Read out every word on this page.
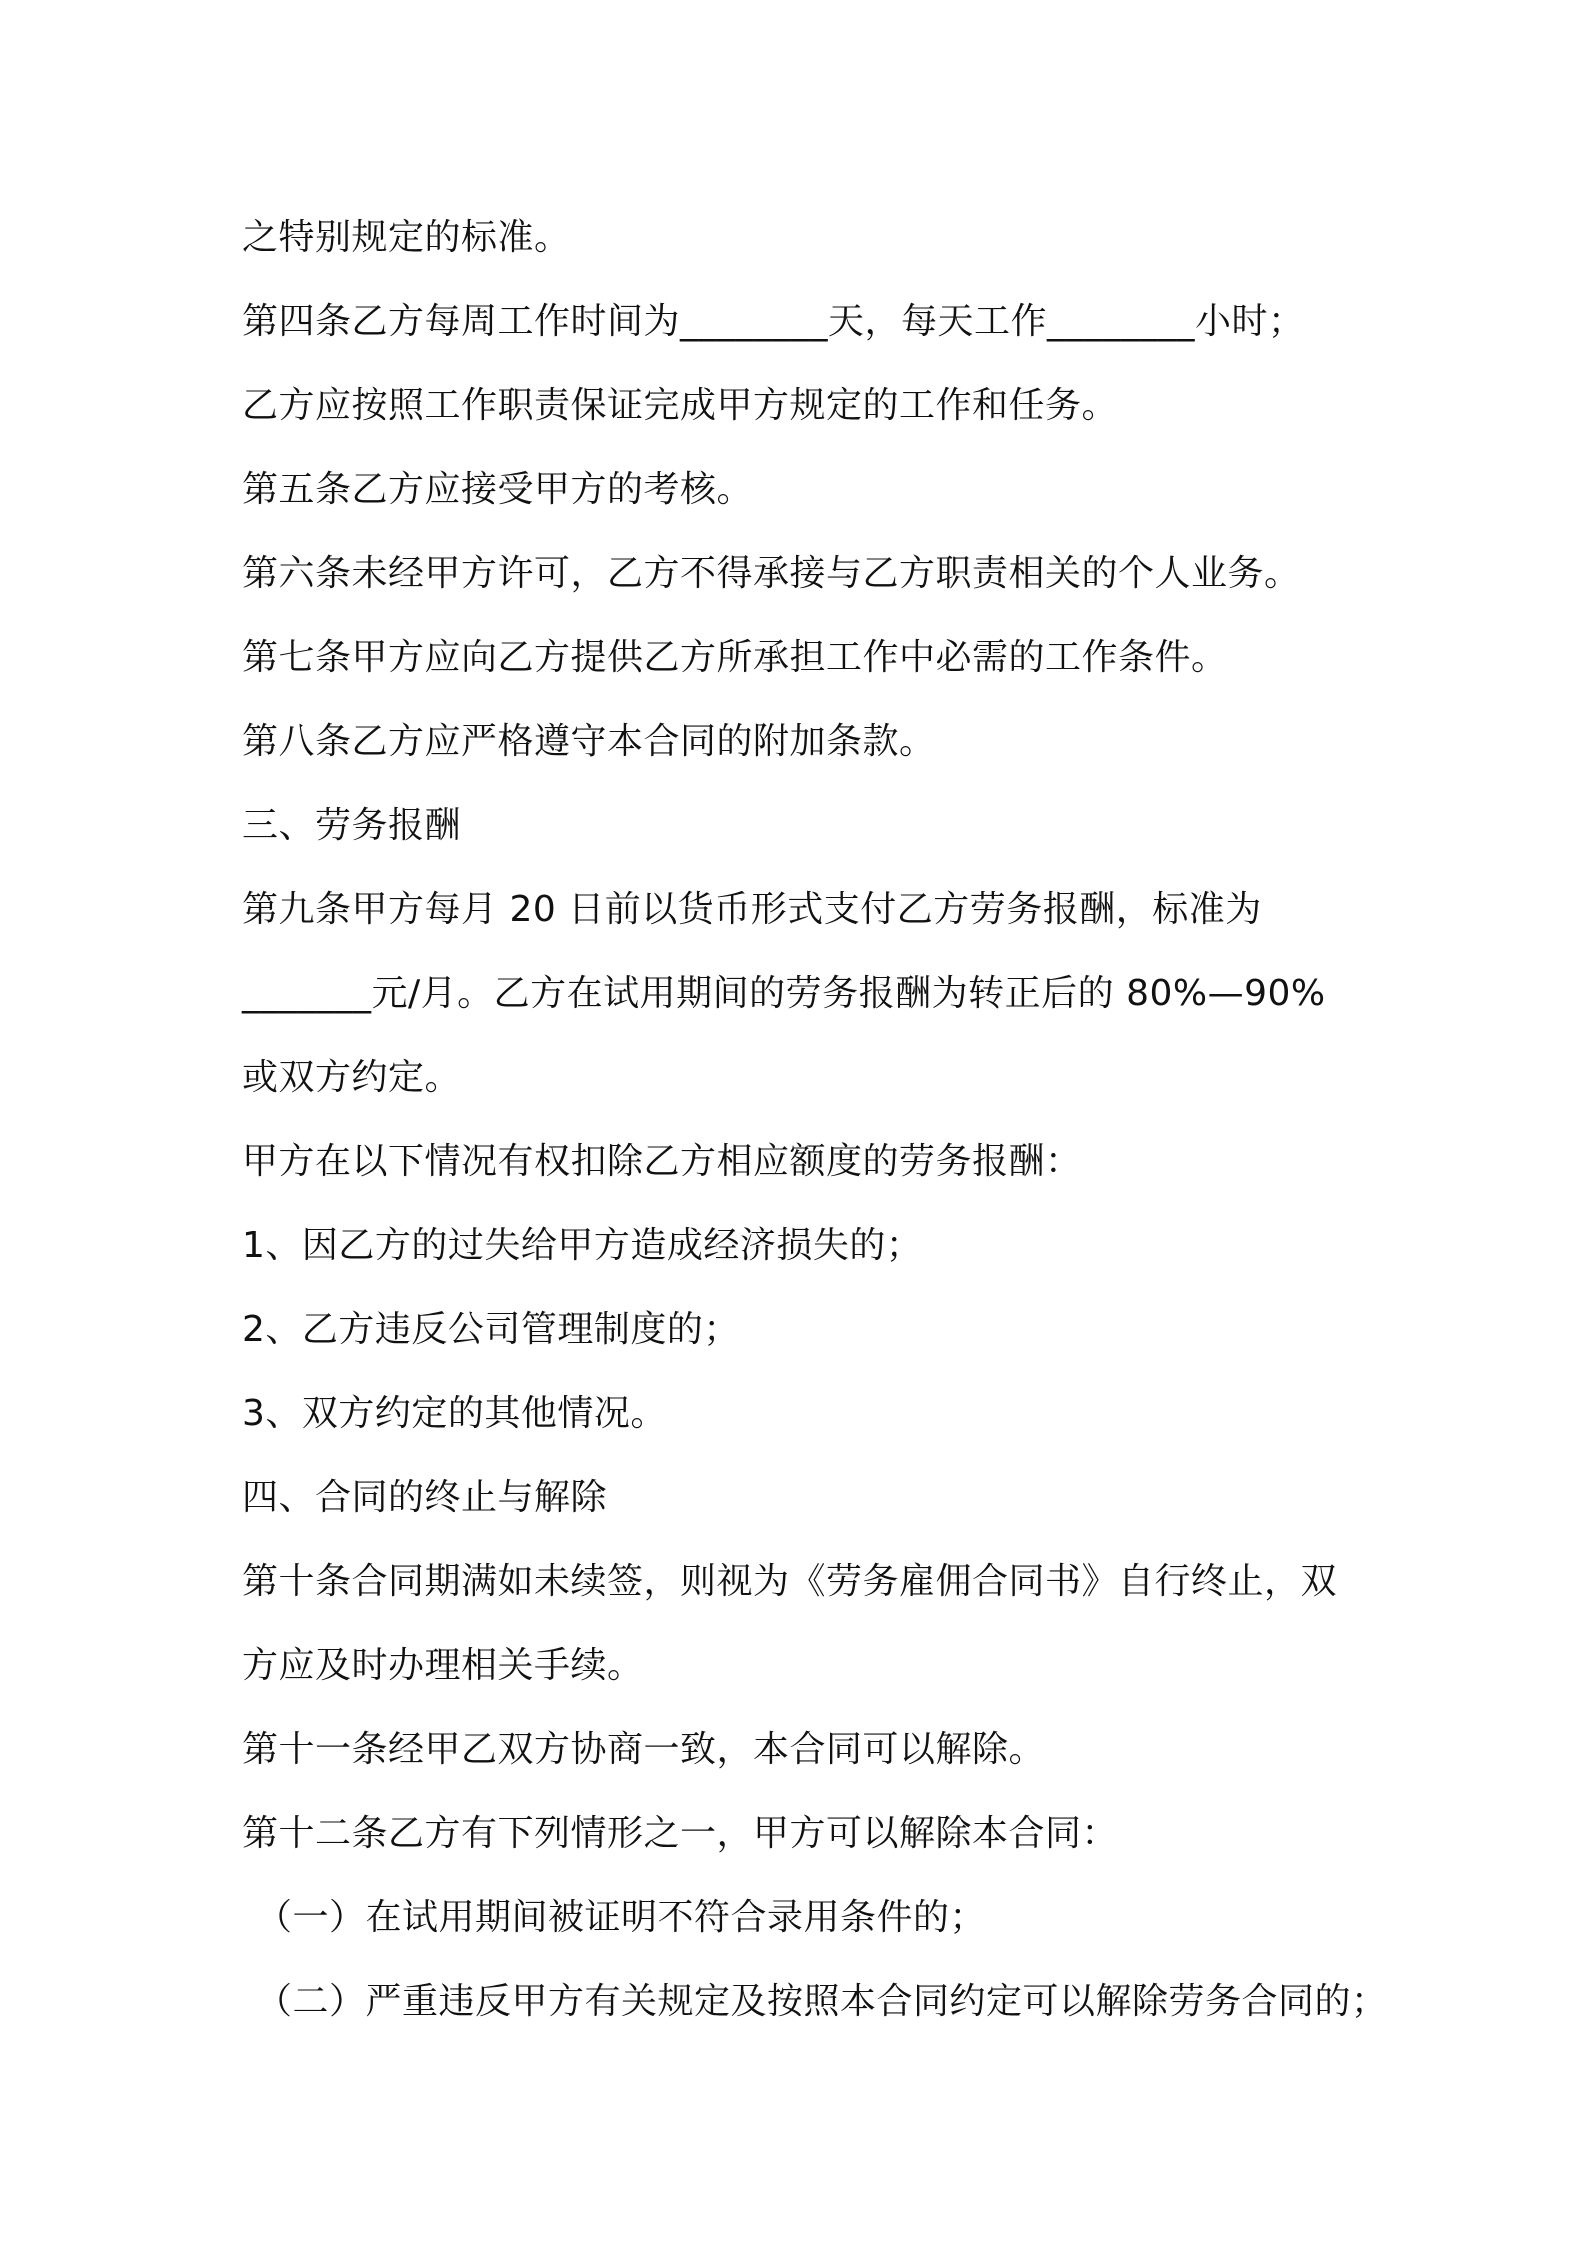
之特别规定的标准。
第四条乙方每周工作时间为________天，每天工作________小时；
乙方应按照工作职责保证完成甲方规定的工作和任务。
第五条乙方应接受甲方的考核。
第六条未经甲方许可，乙方不得承接与乙方职责相关的个人业务。
第七条甲方应向乙方提供乙方所承担工作中必需的工作条件。
第八条乙方应严格遵守本合同的附加条款。
三、劳务报酬
第九条甲方每月 20 日前以货币形式支付乙方劳务报酬，标准为
_______元/月。乙方在试用期间的劳务报酬为转正后的 80%—90%
或双方约定。
甲方在以下情况有权扣除乙方相应额度的劳务报酬：
1、因乙方的过失给甲方造成经济损失的；
2、乙方违反公司管理制度的；
3、双方约定的其他情况。
四、合同的终止与解除
第十条合同期满如未续签，则视为《劳务雇佣合同书》自行终止，双
方应及时办理相关手续。
第十一条经甲乙双方协商一致，本合同可以解除。
第十二条乙方有下列情形之一，甲方可以解除本合同：
（一）在试用期间被证明不符合录用条件的；
（二）严重违反甲方有关规定及按照本合同约定可以解除劳务合同的；
